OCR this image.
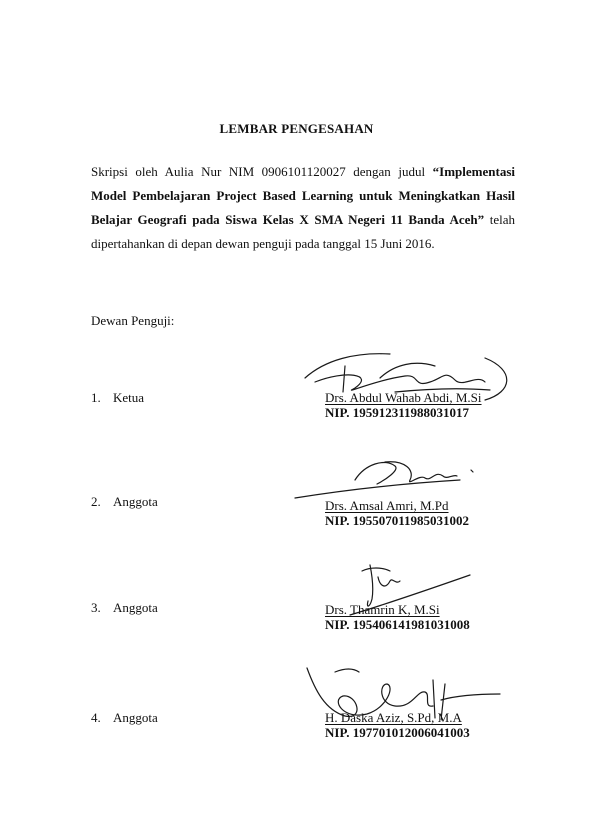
LEMBAR PENGESAHAN
Skripsi oleh Aulia Nur NIM 0906101120027 dengan judul “Implementasi Model Pembelajaran Project Based Learning untuk Meningkatkan Hasil Belajar Geografi pada Siswa Kelas X SMA Negeri 11 Banda Aceh” telah dipertahankan di depan dewan penguji pada tanggal 15 Juni 2016.
Dewan Penguji:
1. Ketua	Drs. Abdul Wahab Abdi, M.Si
NIP. 195912311988031017
2. Anggota	Drs. Amsal Amri, M.Pd
NIP. 195507011985031002
3. Anggota	Drs. Thamrin K, M.Si
NIP. 195406141981031008
4. Anggota	H. Daska Aziz, S.Pd, M.A
NIP. 197701012006041003
